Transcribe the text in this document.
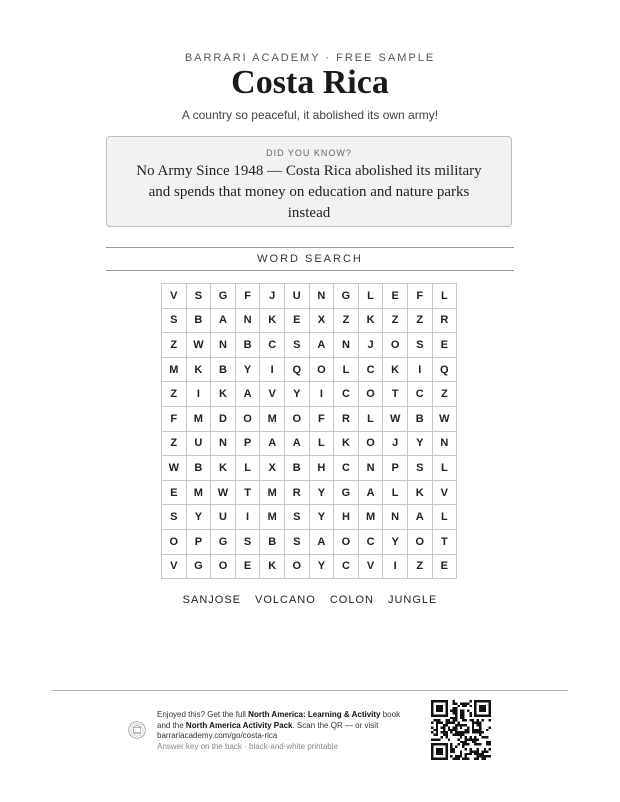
BARRARI ACADEMY · FREE SAMPLE
Costa Rica
A country so peaceful, it abolished its own army!
DID YOU KNOW?
No Army Since 1948 — Costa Rica abolished its military and spends that money on education and nature parks instead
WORD SEARCH
V	S	G	F	J	U	N	G	L	E	F	L
S	B	A	N	K	E	X	Z	K	Z	Z	R
Z	W	N	B	C	S	A	N	J	O	S	E
M	K	B	Y	I	Q	O	L	C	K	I	Q
Z	I	K	A	V	Y	I	C	O	T	C	Z
F	M	D	O	M	O	F	R	L	W	B	W
Z	U	N	P	A	A	L	K	O	J	Y	N
W	B	K	L	X	B	H	C	N	P	S	L
E	M	W	T	M	R	Y	G	A	L	K	V
S	Y	U	I	M	S	Y	H	M	N	A	L
O	P	G	S	B	S	A	O	C	Y	O	T
V	G	O	E	K	O	Y	C	V	I	Z	E
SANJOSE VOLCANO COLON JUNGLE
Enjoyed this? Get the full North America: Learning & Activity book
and the North America Activity Pack. Scan the QR — or visit
barrariacademy.com/go/costa-rica
Answer key on the back · black-and-white printable
